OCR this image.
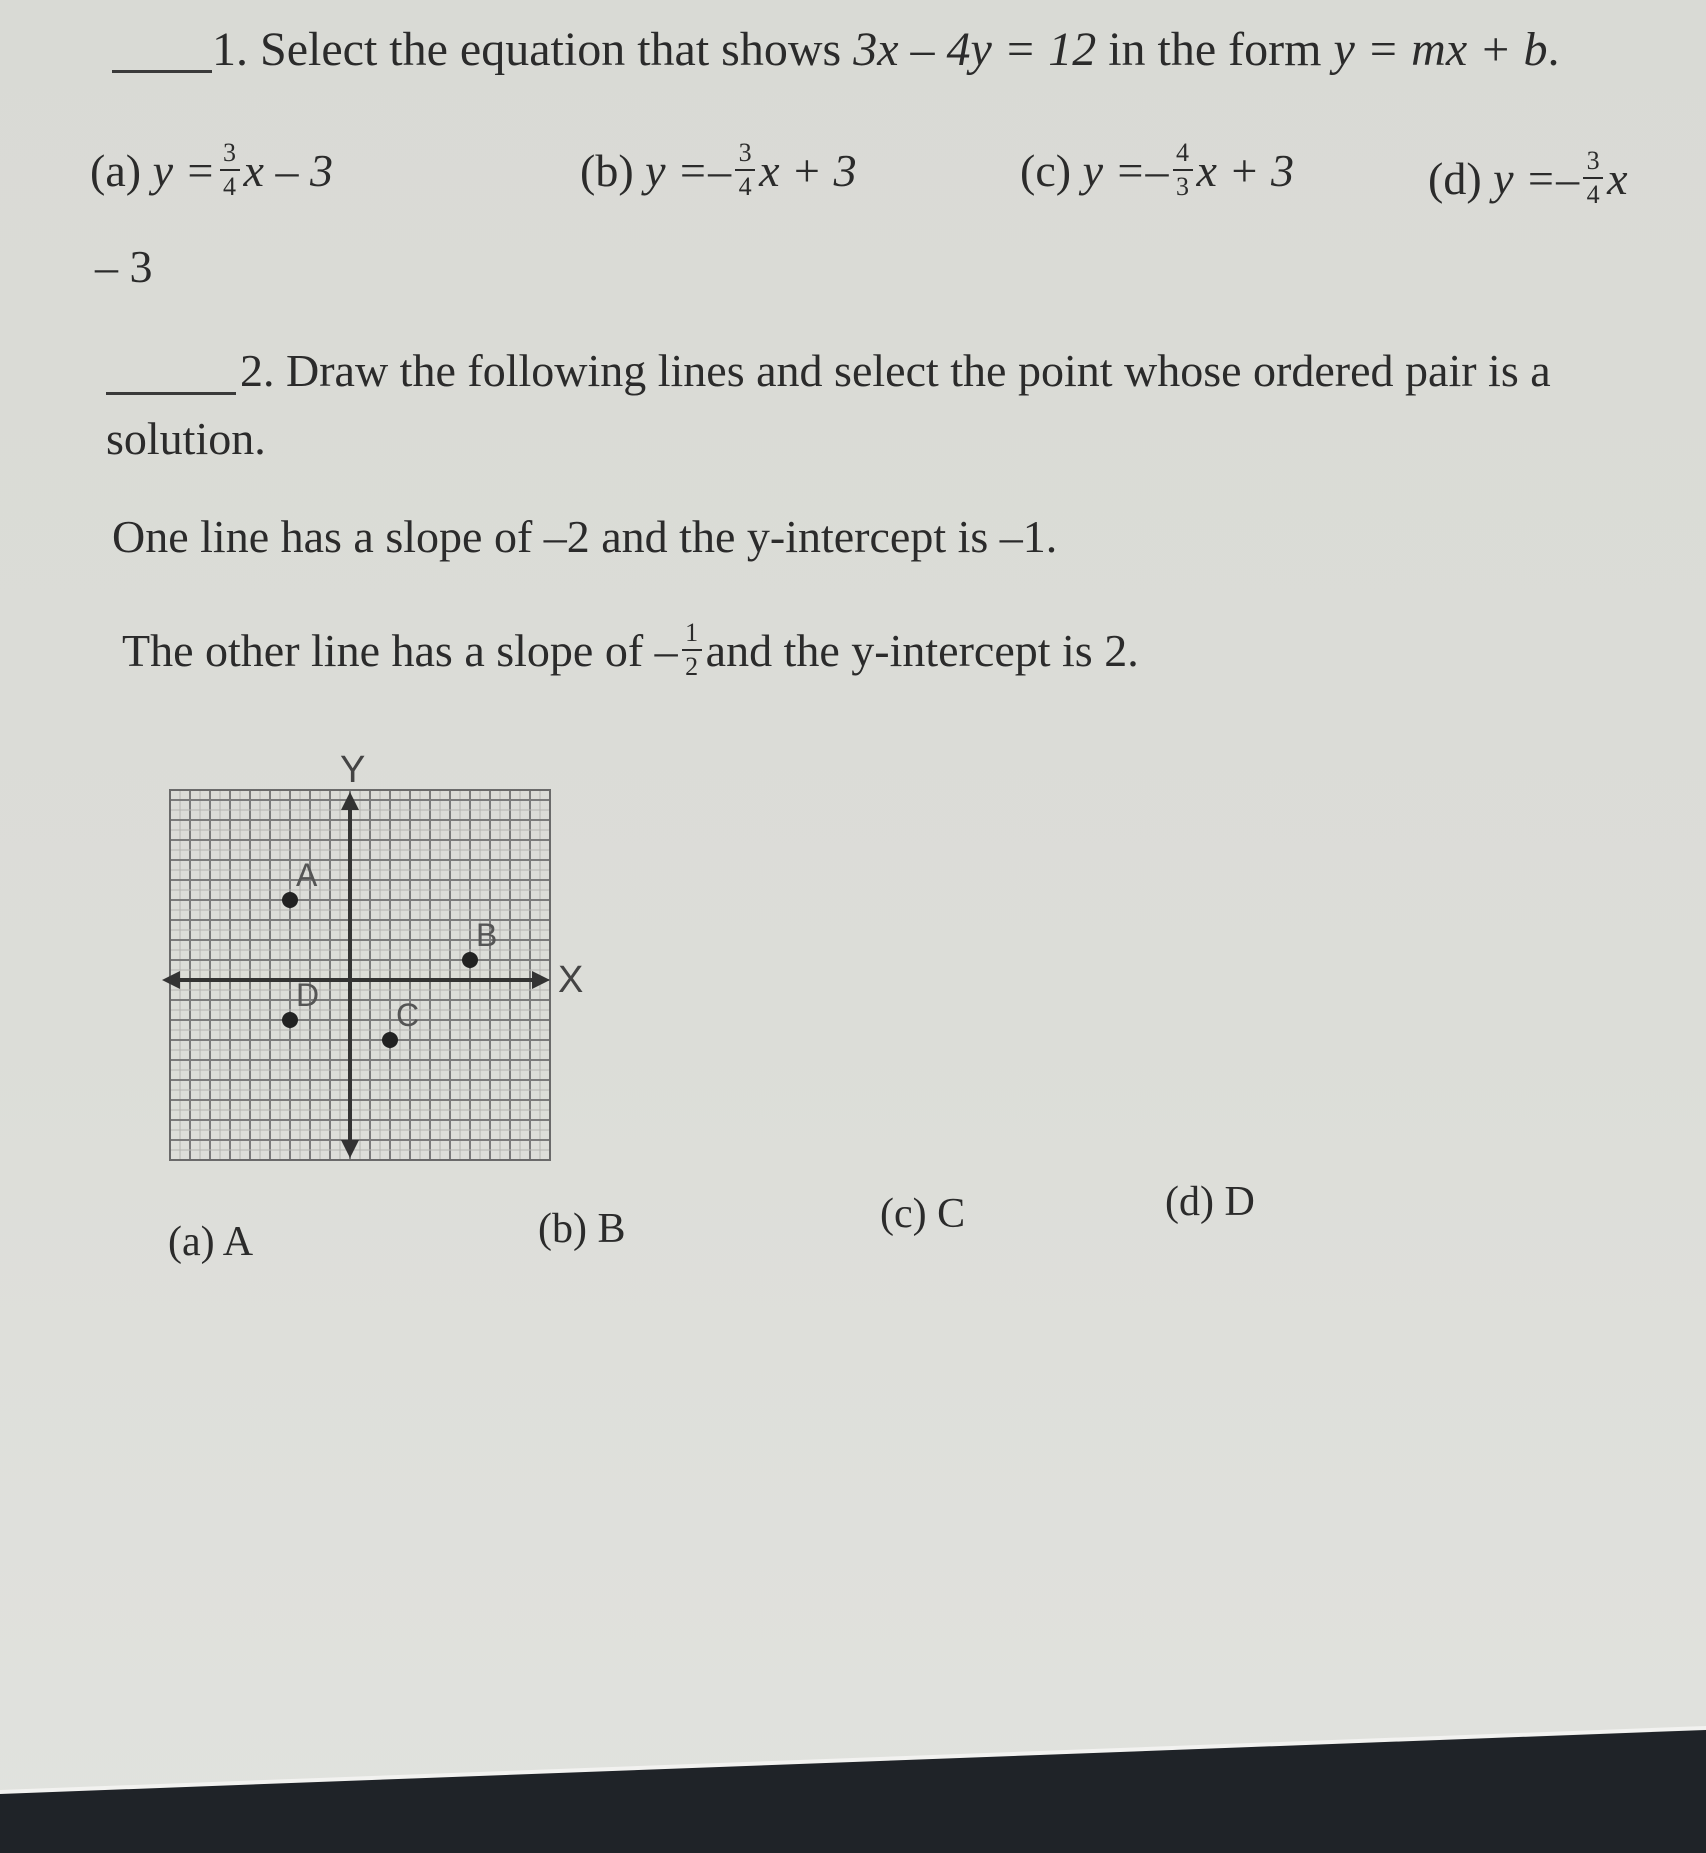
1. Select the equation that shows 3x – 4y = 12 in the form y = mx + b.
(a)
$y = \frac{3}{4}$ x – 3	(b)
y = – $\frac{3}{4}$ x + 3	(c)
y = – $\frac{4}{3}$ x + 3	(d)
y = – $\frac{3}{4}$ x
– 3
2. Draw the following lines and select the point whose ordered pair is a
solution.
One line has a slope of –2 and the y-intercept is –1.
The other line has a slope of – $\frac{1}{2}$ and the y-intercept is 2.
Y
X
A
B
C
D
(a) A	(b) B	(c) C	(d) D
